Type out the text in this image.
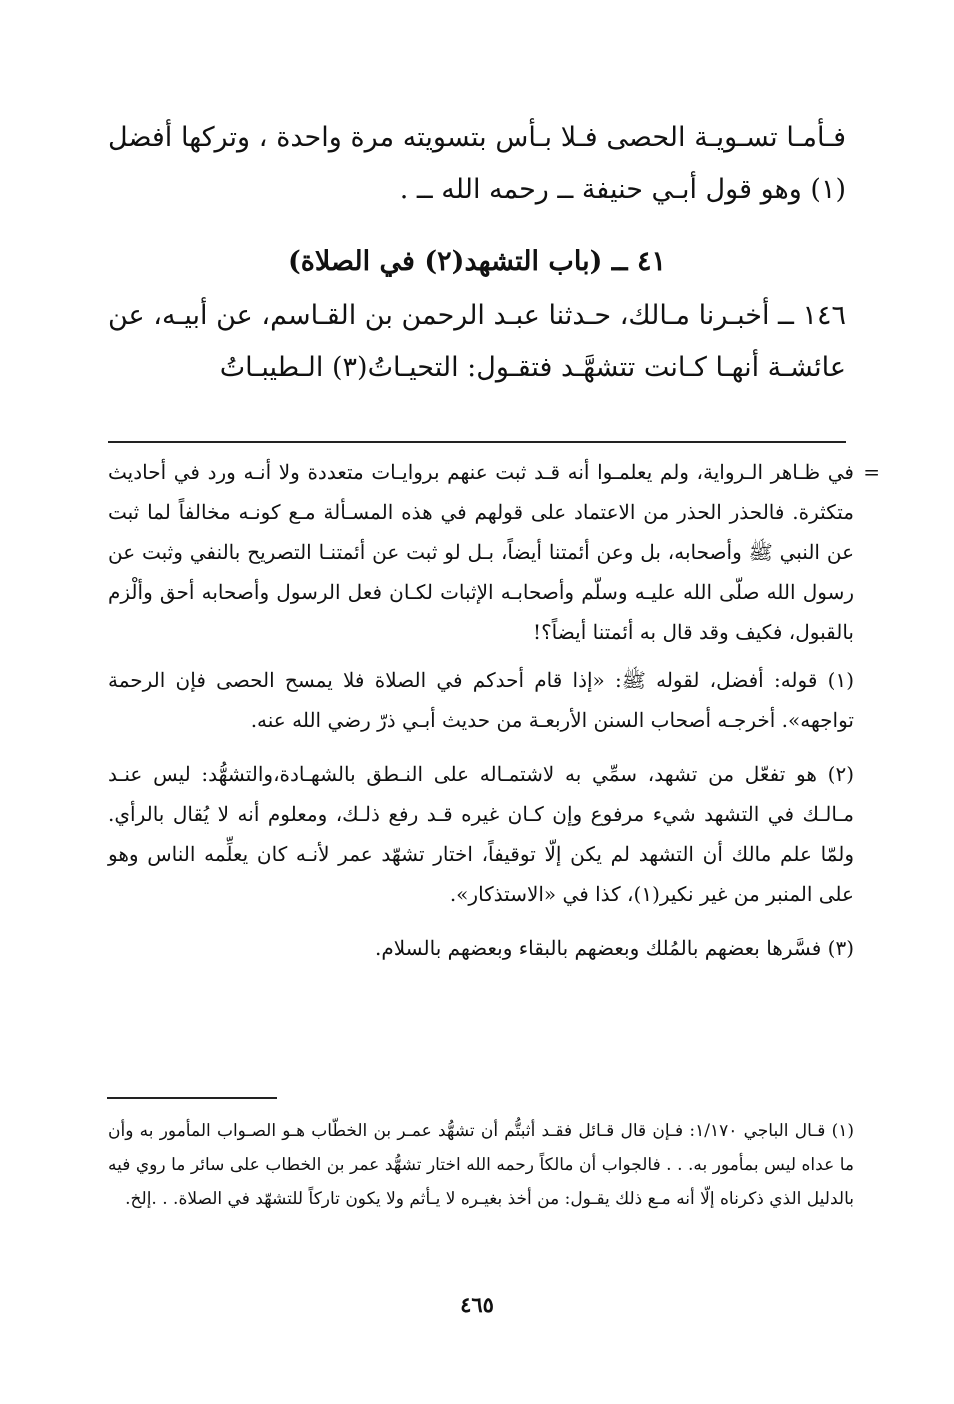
فـأمـا تسـويـة الحصى فـلا بـأس بتسويته مرة واحدة ، وتركها أفضل (١) وهو قول أبـي حنيفة ــ رحمه الله ــ .

٤١ ــ (باب التشهد(٢) في الصلاة)

١٤٦ ــ أخبـرنا مـالك، حـدثنا عبـد الرحمن بن القـاسم، عن أبيـه، عن عائشـة أنهـا كـانت تتشهَّـد فتقـول: التحيـاتُ(٣) الـطيبـاتُ

=

في ظـاهر الـرواية، ولم يعلمـوا أنه قـد ثبت عنهم بروايـات متعددة ولا أنـه ورد في أحاديث متكثرة. فالحذر الحذر من الاعتماد على قولهم في هذه المسـألة مـع كونـه مخالفاً لما ثبت عن النبي ﷺ وأصحابه، بل وعن أئمتنا أيضاً، بـل لو ثبت عن أئمتنـا التصريح بالنفي وثبت عن رسول الله صلّى الله عليـه وسلّم وأصحابـه الإثبات لكـان فعل الرسول وأصحابه أحق وألْزم بالقبول، فكيف وقد قال به أئمتنا أيضاً؟!

(١) قوله: أفضل، لقوله ﷺ: «إذا قام أحدكم في الصلاة فلا يمسح الحصى فإن الرحمة تواجهه». أخرجـه أصحاب السنن الأربعـة من حديث أبـي ذرّ رضي الله عنه.

(٢) هو تفعّل من تشهد، سمِّي به لاشتمـاله على النـطق بالشهـادة،والتشهُّد: ليس عنـد مـالـك في التشهد شيء مرفوع وإن كـان غيره قـد رفع ذلـك، ومعلوم أنه لا يُقال بالرأي. ولمّا علم مالك أن التشهد لم يكن إلّا توقيفاً، اختار تشهّد عمر لأنـه كان يعلِّمه الناس وهو على المنبر من غير نكير(١)، كذا في «الاستذكار».

(٣) فسَّرها بعضهم بالمُلك وبعضهم بالبقاء وبعضهم بالسلام.

(١) قـال الباجي ١/١٧٠: فـإن قال قـائل فقـد أثبتُّم أن تشهُّد عمـر بن الخطّاب هـو الصـواب المأمور به وأن ما عداه ليس بمأمور به. . . فالجواب أن مالكاً رحمه الله اختار تشهُّد عمر بن الخطاب على سائر ما روي فيه بالدليل الذي ذكرناه إلّا أنه مـع ذلك يقـول: من أخذ بغيـره لا يـأثم ولا يكون تاركاً للتشهّد في الصلاة. . .إلخ.

٤٦٥
